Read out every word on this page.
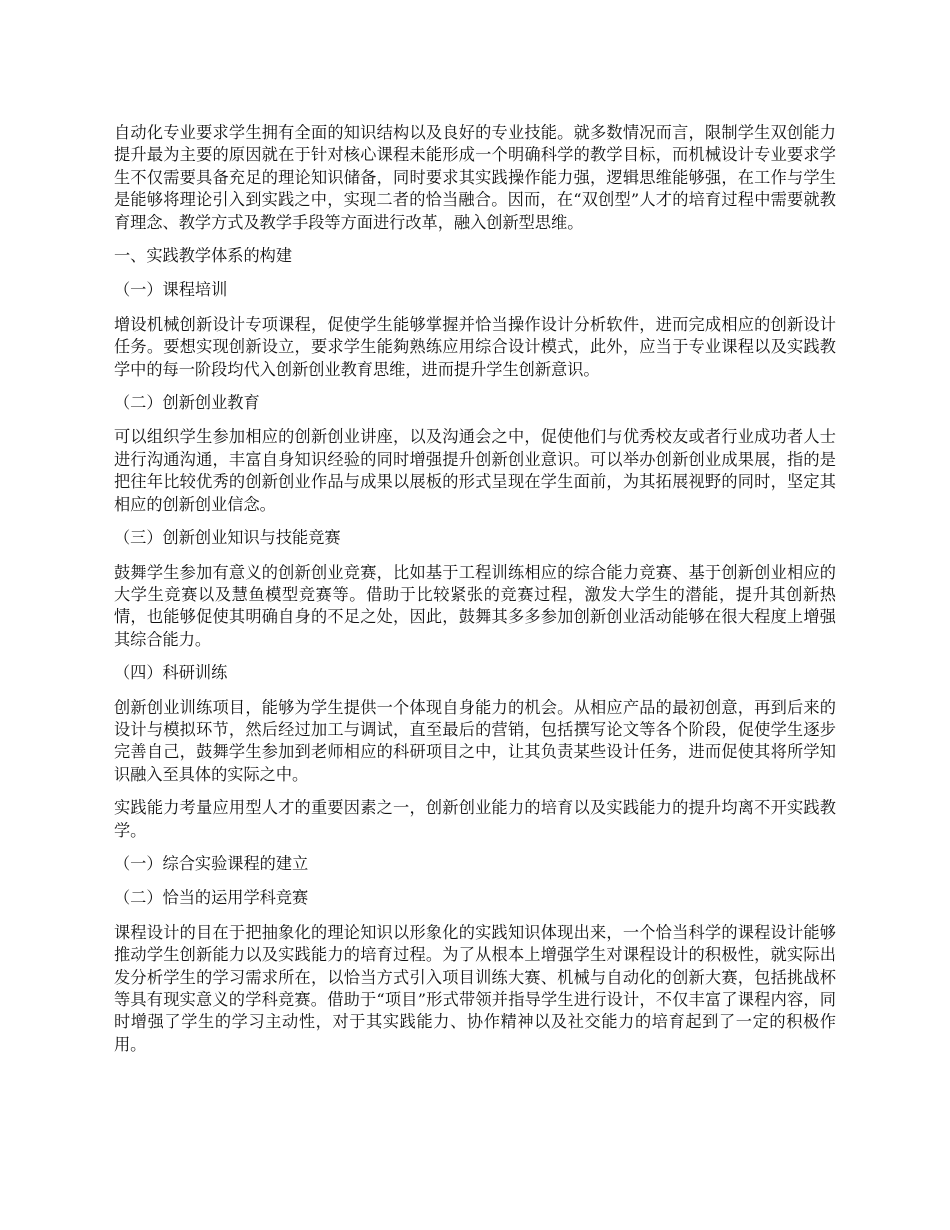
自动化专业要求学生拥有全面的知识结构以及良好的专业技能。就多数情况而言，限制学生双创能力提升最为主要的原因就在于针对核心课程未能形成一个明确科学的教学目标，而机械设计专业要求学生不仅需要具备充足的理论知识储备，同时要求其实践操作能力强，逻辑思维能够强，在工作与学生是能够将理论引入到实践之中，实现二者的恰当融合。因而，在“双创型”人才的培育过程中需要就教育理念、教学方式及教学手段等方面进行改革，融入创新型思维。

一、实践教学体系的构建

（一）课程培训

增设机械创新设计专项课程，促使学生能够掌握并恰当操作设计分析软件，进而完成相应的创新设计任务。要想实现创新设立，要求学生能夠熟练应用综合设计模式，此外，应当于专业课程以及实践教学中的每一阶段均代入创新创业教育思维，进而提升学生创新意识。

（二）创新创业教育

可以组织学生参加相应的创新创业讲座，以及沟通会之中，促使他们与优秀校友或者行业成功者人士进行沟通沟通，丰富自身知识经验的同时增强提升创新创业意识。可以举办创新创业成果展，指的是把往年比较优秀的创新创业作品与成果以展板的形式呈现在学生面前，为其拓展视野的同时，坚定其相应的创新创业信念。

（三）创新创业知识与技能竞赛

鼓舞学生参加有意义的创新创业竞赛，比如基于工程训练相应的综合能力竞赛、基于创新创业相应的大学生竞赛以及慧鱼模型竞赛等。借助于比较紧张的竞赛过程，激发大学生的潜能，提升其创新热情，也能够促使其明确自身的不足之处，因此，鼓舞其多多参加创新创业活动能够在很大程度上增强其综合能力。

（四）科研训练

创新创业训练项目，能够为学生提供一个体现自身能力的机会。从相应产品的最初创意，再到后来的设计与模拟环节，然后经过加工与调试，直至最后的营销，包括撰写论文等各个阶段，促使学生逐步完善自己，鼓舞学生参加到老师相应的科研项目之中，让其负责某些设计任务，进而促使其将所学知识融入至具体的实际之中。

实践能力考量应用型人才的重要因素之一，创新创业能力的培育以及实践能力的提升均离不开实践教学。

（一）综合实验课程的建立

（二）恰当的运用学科竞赛

课程设计的目在于把抽象化的理论知识以形象化的实践知识体现出来，一个恰当科学的课程设计能够推动学生创新能力以及实践能力的培育过程。为了从根本上增强学生对课程设计的积极性，就实际出发分析学生的学习需求所在，以恰当方式引入项目训练大赛、机械与自动化的创新大赛，包括挑战杯等具有现实意义的学科竞赛。借助于“项目”形式带领并指导学生进行设计，不仅丰富了课程内容，同时增强了学生的学习主动性，对于其实践能力、协作精神以及社交能力的培育起到了一定的积极作用。
